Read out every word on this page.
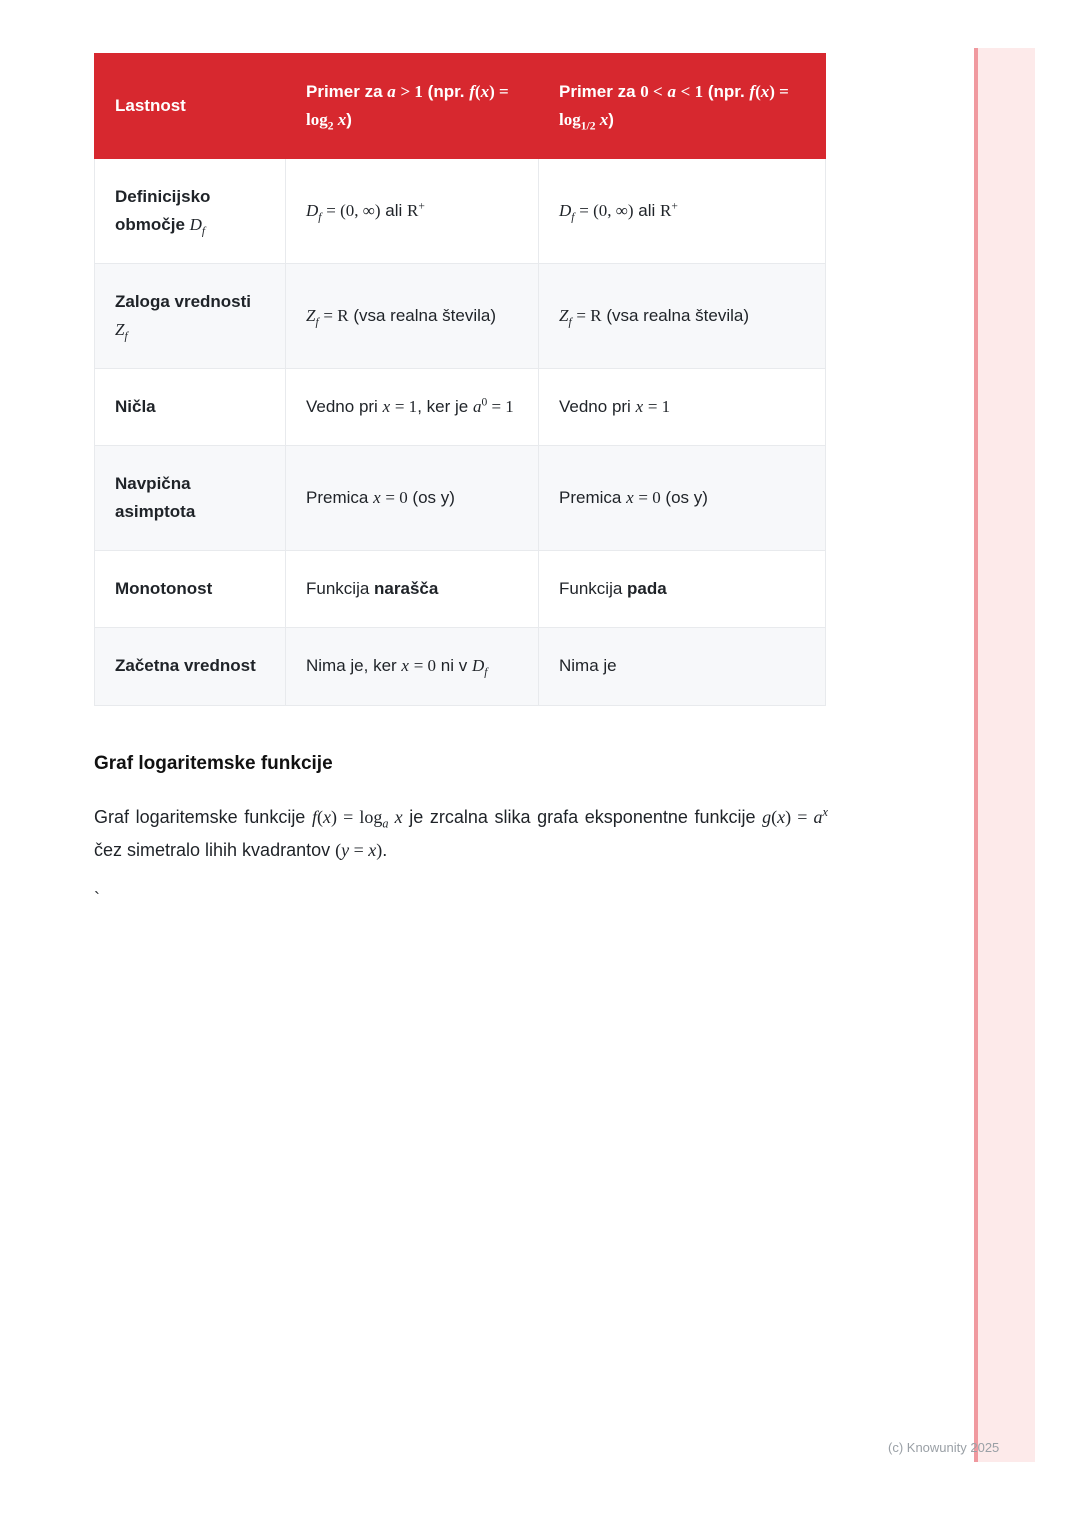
Lastnost	Primer za a > 1 (npr. $f(x) = \log_2 x$)	Primer za 0 < a < 1 (npr. $f(x) = \log_{1/2} x$)
Definicijsko območje $D_f$	$D_f = (0$, ∞) ali R+	$D_f = (0$, ∞) ali R+
Zaloga vrednosti $Z_f$	$Z_f = R$ (vsa realna števila)	$Z_f = R$ (vsa realna števila)
Ničla	Vedno pri x = 1, ker je $a^0 = 1$	Vedno pri x = 1
Navpična asimptota	Premica x = 0 (os y)	Premica x = 0 (os y)
Monotonost	Funkcija narašča	Funkcija pada
Začetna vrednost	Nima je, ker x = 0 ni v $D_f$	Nima je
Graf logaritemske funkcije
Graf logaritemske funkcije $f(x) = \log_a x$ je zrcalna slika grafa eksponentne funkcije $g(x) = a^x$ čez simetralo lihih kvadrantov (y = x).
`
(c) Knowunity 2025
